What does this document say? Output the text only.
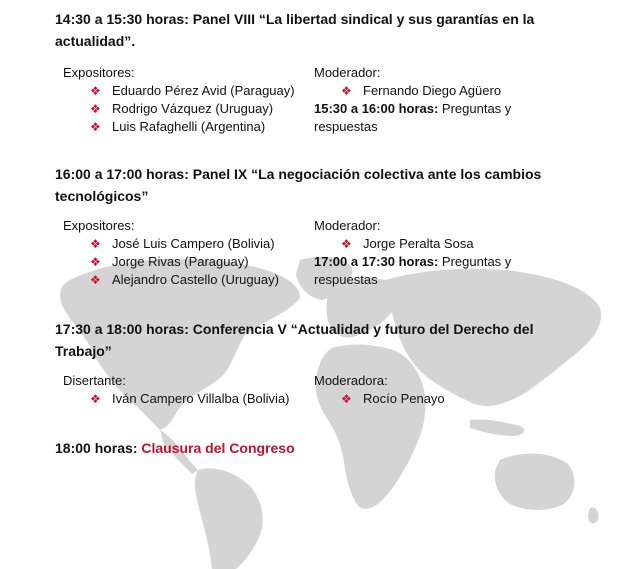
14:30 a 15:30 horas: Panel VIII “La libertad sindical y sus garantías en la actualidad”.
Expositores:
❖ Eduardo Pérez Avid (Paraguay)
❖ Rodrigo Vázquez (Uruguay)
❖ Luis Rafaghelli (Argentina)
Moderador:
❖ Fernando Diego Agüero
15:30 a 16:00 horas: Preguntas y respuestas
16:00 a 17:00 horas: Panel IX “La negociación colectiva ante los cambios tecnológicos”
Expositores:
❖ José Luis Campero (Bolivia)
❖ Jorge Rivas (Paraguay)
❖ Alejandro Castello (Uruguay)
Moderador:
❖ Jorge Peralta Sosa
17:00 a 17:30 horas: Preguntas y respuestas
17:30 a 18:00 horas: Conferencia V “Actualidad y futuro del Derecho del Trabajo”
Disertante:
❖ Iván Campero Villalba (Bolivia)
Moderadora:
❖ Rocío Penayo
18:00 horas: Clausura del Congreso
